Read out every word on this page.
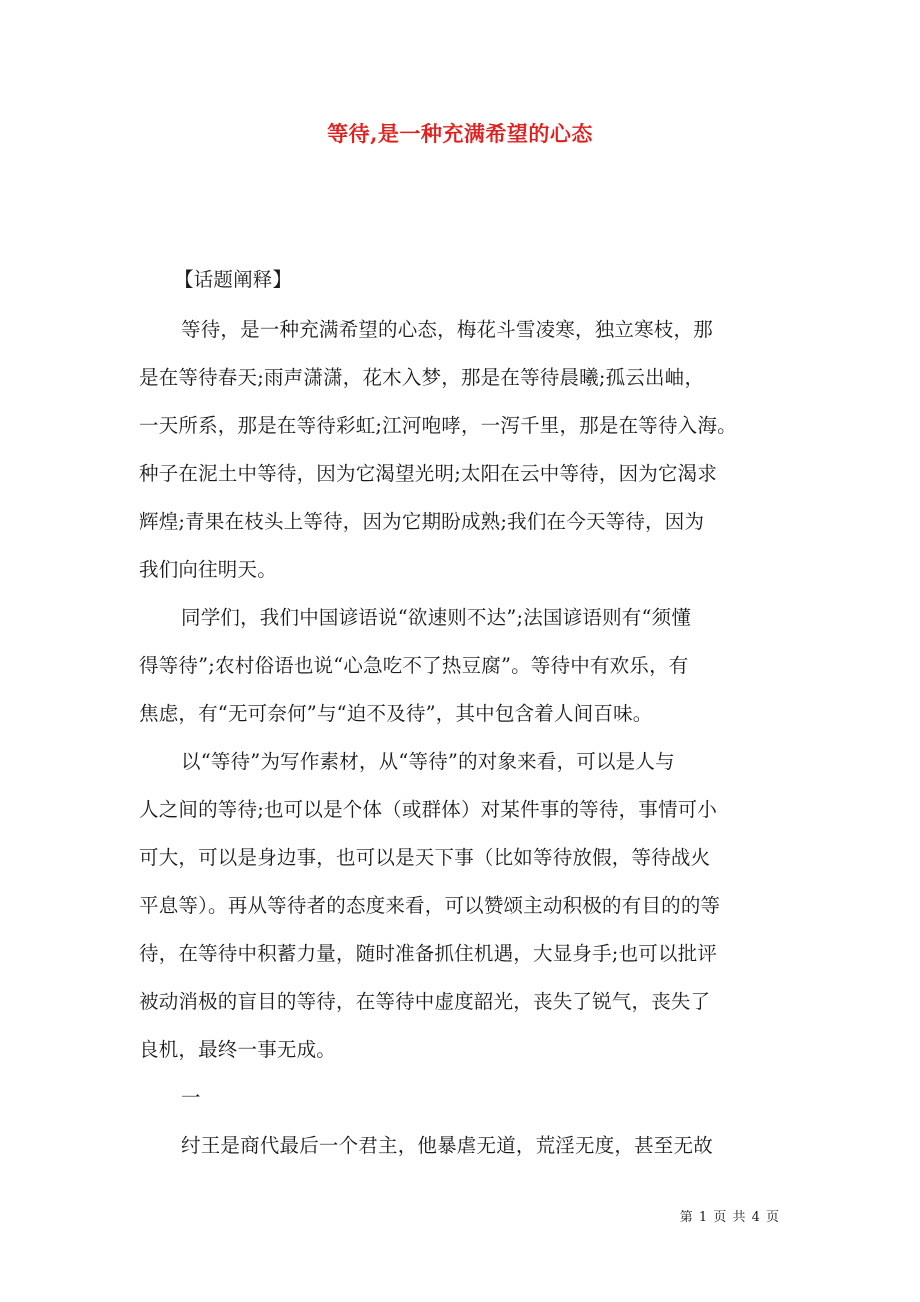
等待,是一种充满希望的心态
【话题阐释】
等待，是一种充满希望的心态，梅花斗雪凌寒，独立寒枝，那
是在等待春天;雨声潇潇，花木入梦，那是在等待晨曦;孤云出岫，
一天所系，那是在等待彩虹;江河咆哮，一泻千里，那是在等待入海。
种子在泥土中等待，因为它渴望光明;太阳在云中等待，因为它渴求
辉煌;青果在枝头上等待，因为它期盼成熟;我们在今天等待，因为
我们向往明天。
同学们，我们中国谚语说“欲速则不达”;法国谚语则有“须懂
得等待”;农村俗语也说“心急吃不了热豆腐”。等待中有欢乐，有
焦虑，有“无可奈何”与“迫不及待”，其中包含着人间百味。
以“等待”为写作素材，从“等待”的对象来看，可以是人与
人之间的等待;也可以是个体（或群体）对某件事的等待，事情可小
可大，可以是身边事，也可以是天下事（比如等待放假，等待战火
平息等）。再从等待者的态度来看，可以赞颂主动积极的有目的的等
待，在等待中积蓄力量，随时准备抓住机遇，大显身手;也可以批评
被动消极的盲目的等待，在等待中虚度韶光，丧失了锐气，丧失了
良机，最终一事无成。
一
纣王是商代最后一个君主，他暴虐无道，荒淫无度，甚至无故
第 1 页 共 4 页
